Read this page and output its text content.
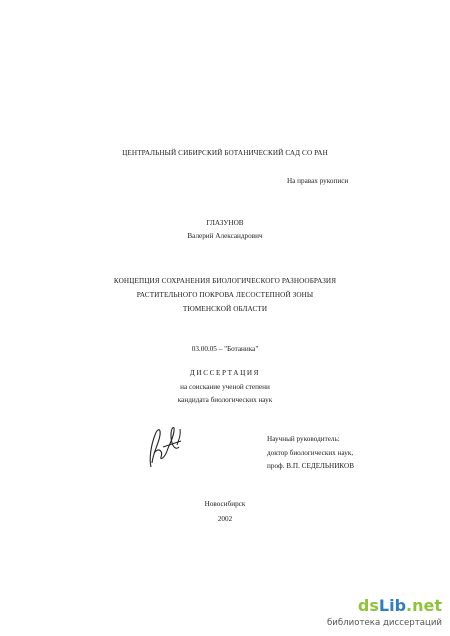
ЦЕНТРАЛЬНЫЙ СИБИРСКИЙ БОТАНИЧЕСКИЙ САД СО РАН
На правах рукописи
ГЛАЗУНОВ
Валерий Александрович
КОНЦЕПЦИЯ СОХРАНЕНИЯ БИОЛОГИЧЕСКОГО РАЗНООБРАЗИЯ
РАСТИТЕЛЬНОГО ПОКРОВА ЛЕСОСТЕПНОЙ ЗОНЫ
ТЮМЕНСКОЙ ОБЛАСТИ
03.00.05 – "Ботаника"
ДИССЕРТАЦИЯ
на соискание ученой степени
кандидата биологических наук
Научный руководитель:
доктор биологических наук,
проф. В.П. СЕДЕЛЬНИКОВ
Новосибирск
2002
dsLib.net
библиотека диссертаций
